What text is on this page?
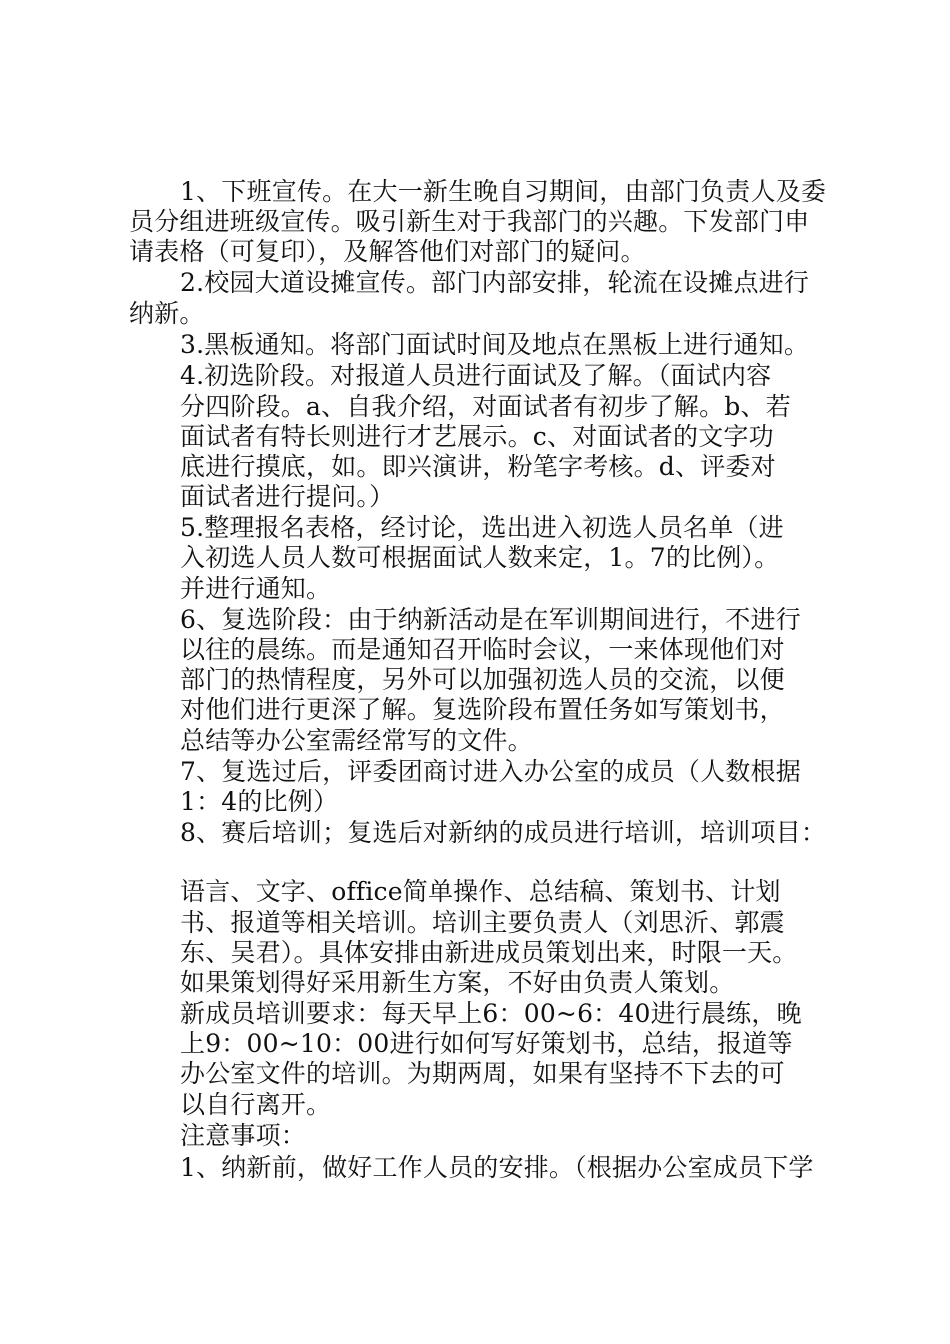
1、下班宣传。在大一新生晚自习期间，由部门负责人及委
员分组进班级宣传。吸引新生对于我部门的兴趣。下发部门申
请表格（可复印），及解答他们对部门的疑问。
2.校园大道设摊宣传。部门内部安排，轮流在设摊点进行
纳新。
3.黑板通知。将部门面试时间及地点在黑板上进行通知。
4.初选阶段。对报道人员进行面试及了解。（面试内容
分四阶段。a、自我介绍，对面试者有初步了解。b、若
面试者有特长则进行才艺展示。c、对面试者的文字功
底进行摸底，如。即兴演讲，粉笔字考核。d、评委对
面试者进行提问。）
5.整理报名表格，经讨论，选出进入初选人员名单（进
入初选人员人数可根据面试人数来定，1。7的比例）。
并进行通知。
6、复选阶段：由于纳新活动是在军训期间进行，不进行
以往的晨练。而是通知召开临时会议，一来体现他们对
部门的热情程度，另外可以加强初选人员的交流，以便
对他们进行更深了解。复选阶段布置任务如写策划书，
总结等办公室需经常写的文件。
7、复选过后，评委团商讨进入办公室的成员（人数根据
1：4的比例）
8、赛后培训；复选后对新纳的成员进行培训，培训项目：
语言、文字、office简单操作、总结稿、策划书、计划
书、报道等相关培训。培训主要负责人（刘思沂、郭震
东、吴君）。具体安排由新进成员策划出来，时限一天。
如果策划得好采用新生方案，不好由负责人策划。
新成员培训要求：每天早上6：00~6：40进行晨练，晚
上9：00~10：00进行如何写好策划书，总结，报道等
办公室文件的培训。为期两周，如果有坚持不下去的可
以自行离开。
注意事项：
1、纳新前，做好工作人员的安排。（根据办公室成员下学
